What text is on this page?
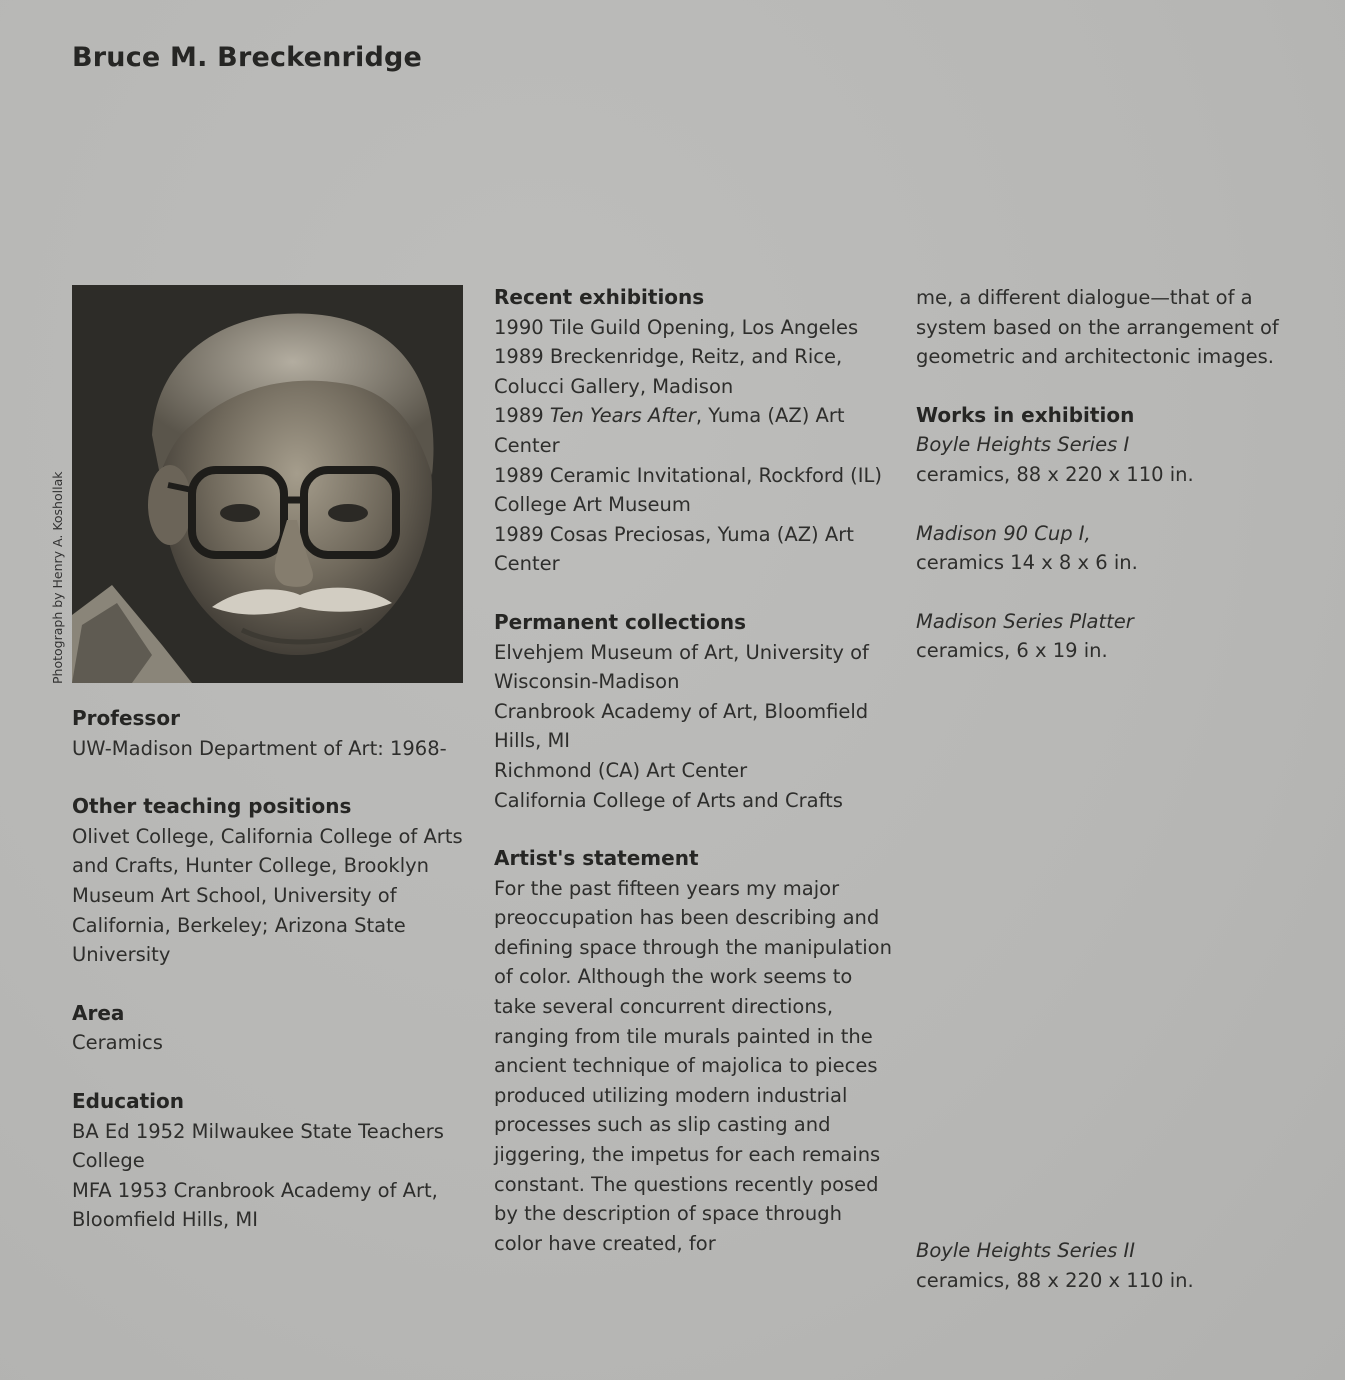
Bruce M. Breckenridge
Photograph by Henry A. Koshollak
Professor

UW-Madison Department of Art: 1968-

Other teaching positions

Olivet College, California College of Arts and Crafts, Hunter College, Brooklyn Museum Art School, University of California, Berkeley; Arizona State University

Area

Ceramics

Education

BA Ed 1952 Milwaukee State Teachers College

MFA 1953 Cranbrook Academy of Art, Bloomfield Hills, MI

Recent exhibitions

1990 Tile Guild Opening, Los Angeles

1989 Breckenridge, Reitz, and Rice, Colucci Gallery, Madison

1989 Ten Years After, Yuma (AZ) Art Center

1989 Ceramic Invitational, Rockford (IL) College Art Museum

1989 Cosas Preciosas, Yuma (AZ) Art Center

Permanent collections

Elvehjem Museum of Art, University of Wisconsin-Madison

Cranbrook Academy of Art, Bloomfield Hills, MI

Richmond (CA) Art Center

California College of Arts and Crafts

Artist's statement

For the past fifteen years my major preoccupation has been describing and defining space through the manipulation of color. Although the work seems to take several concurrent directions, ranging from tile murals painted in the ancient technique of majolica to pieces produced utilizing modern industrial processes such as slip casting and jiggering, the impetus for each remains constant. The questions recently posed by the description of space through color have created, for

me, a different dialogue—that of a system based on the arrangement of geometric and architectonic images.

Works in exhibition

Boyle Heights Series I

ceramics, 88 x 220 x 110 in.

Madison 90 Cup I,

ceramics 14 x 8 x 6 in.

Madison Series Platter

ceramics, 6 x 19 in.

Boyle Heights Series II

ceramics, 88 x 220 x 110 in.
